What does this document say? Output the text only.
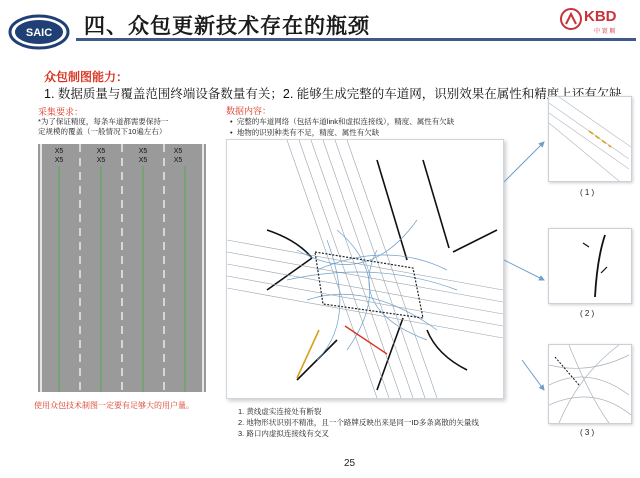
SAIC 四、众包更新技术存在的瓶颈	KBD
中 寰 顺
众包制图能力：
1. 数据质量与覆盖范围终端设备数量有关；2. 能够生成完整的车道网，识别效果在属性和精度上还有欠缺
采集要求：
*为了保证精度，每条车道都需要保持一
定规模的覆盖（一般情况下10遍左右）
X5
X5
X5
X5
X5
X5
X5
X5
使用众包技术制图一定要有足够大的用户量。
数据内容：
•  完整的车道网络（包括车道link和虚拟连接线），精度、属性有欠缺
•  地物的识别种类有不足，精度、属性有欠缺
1. 黄线虚实连接处有断裂
2. 地物形状识别不精准，且一个路牌反映出来是同一ID多条离散的矢量线
3. 路口内虚拟连接线有交叉
( 1 )
( 2 )
( 3 )
25
